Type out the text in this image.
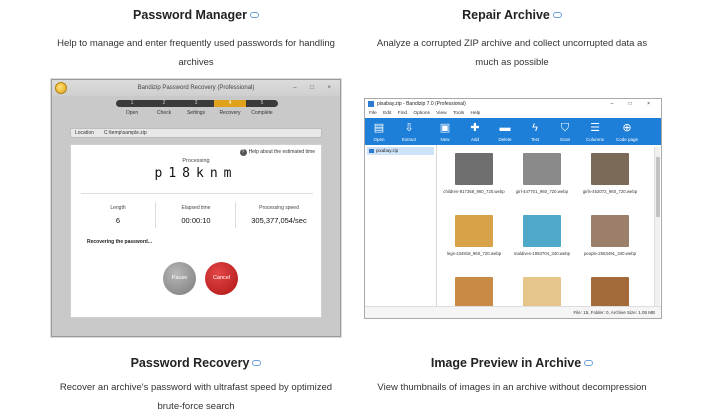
Password Manager
Help to manage and enter frequently used passwords for handling
archives
Repair Archive
Analyze a corrupted ZIP archive and collect uncorrupted data as
much as possible
Bandizip Password Recovery (Professional)	– □ ×
1	2	3	4	5
Open	Check	Settings	Recovery	Complete
Location C:\temp\sample.zip
? Help about the estimated time
Processing
p18knm
Length
6
Elapsed time
00:00:10
Processing speed
305,377,054/sec
Recovering the password...
Pause	Cancel
pixabay.zip - Bandizip 7.0 (Professional)	– □ ×
File Edit Find Options View Tools Help
▤
Open
⇩
Extract
▣
New
✚
Add
▬
Delete
ϟ
Test
⛉
Scan
☰
Columns
⊕
Code page
pixabay.zip
children-817368_960_720.webp	girl-447701_960_720.webp	girls-462072_960_720.webp
legs-434918_960_720.webp	maldives-1993704_340.webp	people-2563491_340.webp
File: 15, Folder: 0, Archive Size: 1.05 MB
Password Recovery
Recover an archive's password with ultrafast speed by optimized
brute-force search
Image Preview in Archive
View thumbnails of images in an archive without decompression
